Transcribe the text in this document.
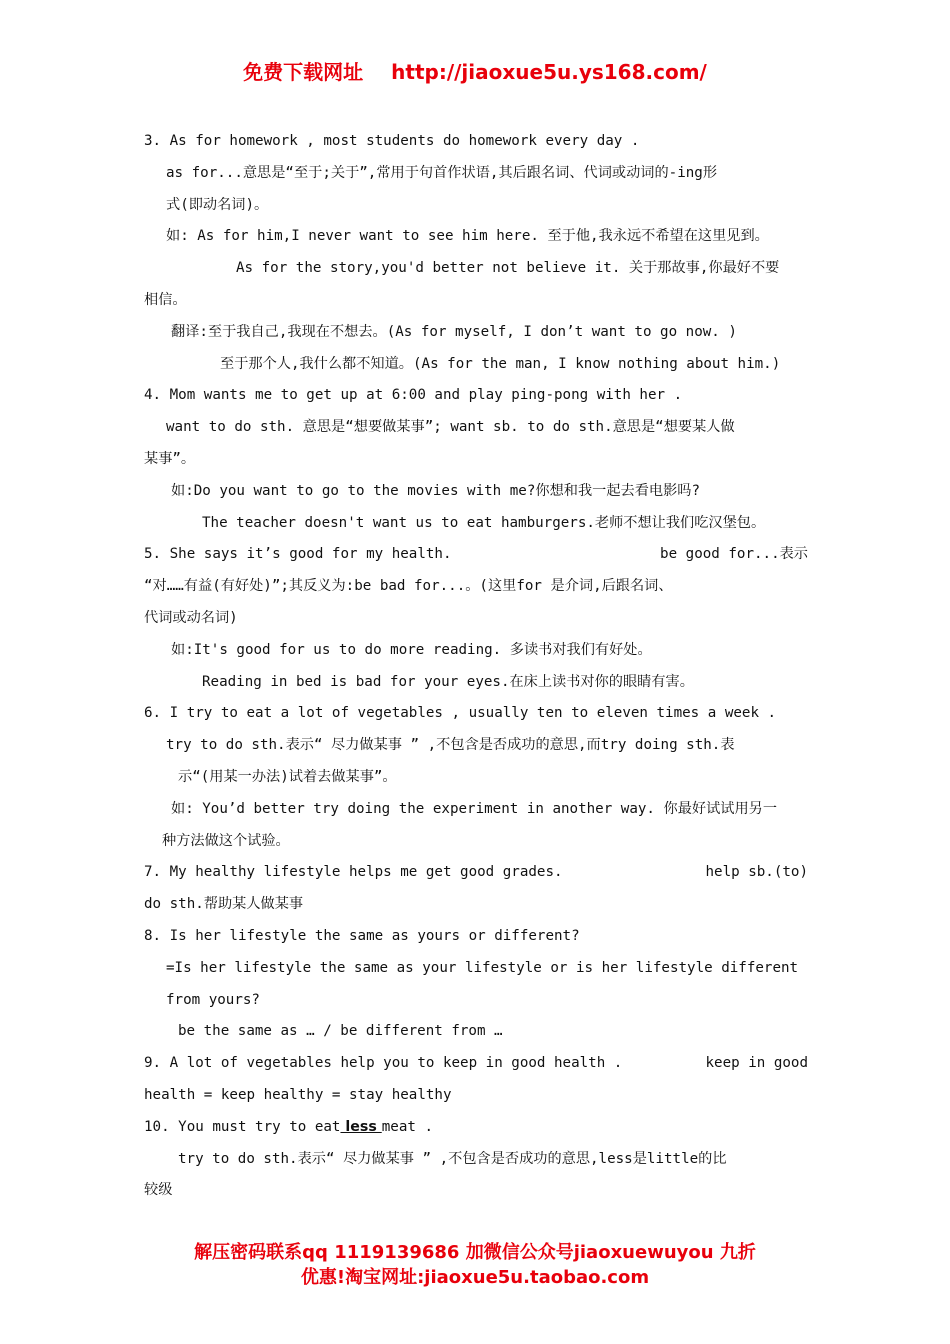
免费下载网址 http://jiaoxue5u.ys168.com/
3. As for homework , most students do homework every day .
as for...意思是“至于;关于”,常用于句首作状语,其后跟名词、代词或动词的-ing形
式(即动名词)。
如: As for him,I never want to see him here. 至于他,我永远不希望在这里见到。
As for the story,you'd better not believe it. 关于那故事,你最好不要
相信。
翻译:至于我自己,我现在不想去。(As for myself, I don’t want to go now. )
至于那个人,我什么都不知道。(As for the man, I know nothing about him.)
4. Mom wants me to get up at 6:00 and play ping-pong with her .
want to do sth. 意思是“想要做某事”; want sb. to do sth.意思是“想要某人做
某事”。
如:Do you want to go to the movies with me?你想和我一起去看电影吗?
The teacher doesn't want us to eat hamburgers.老师不想让我们吃汉堡包。
5. She says it’s good for my health.	be good for...表示
“对……有益(有好处)”;其反义为:be bad for...。(这里for 是介词,后跟名词、
代词或动名词)
如:It's good for us to do more reading. 多读书对我们有好处。
Reading in bed is bad for your eyes.在床上读书对你的眼睛有害。
6. I try to eat a lot of vegetables , usually ten to eleven times a week .
try to do sth.表示“ 尽力做某事 ” ,不包含是否成功的意思,而try doing sth.表
示“(用某一办法)试着去做某事”。
如: You’d better try doing the experiment in another way. 你最好试试用另一
种方法做这个试验。
7. My healthy lifestyle helps me get good grades.	help sb.(to)
do sth.帮助某人做某事
8. Is her lifestyle the same as yours or different?
=Is her lifestyle the same as your lifestyle or is her lifestyle different
from yours?
be the same as … / be different from …
9. A lot of vegetables help you to keep in good health .	keep in good
health = keep healthy = stay healthy
10. You must try to eat less meat .
try to do sth.表示“ 尽力做某事 ” ,不包含是否成功的意思,less是little的比
较级
解压密码联系qq 1119139686 加微信公众号jiaoxuewuyou 九折
优惠!淘宝网址:jiaoxue5u.taobao.com
